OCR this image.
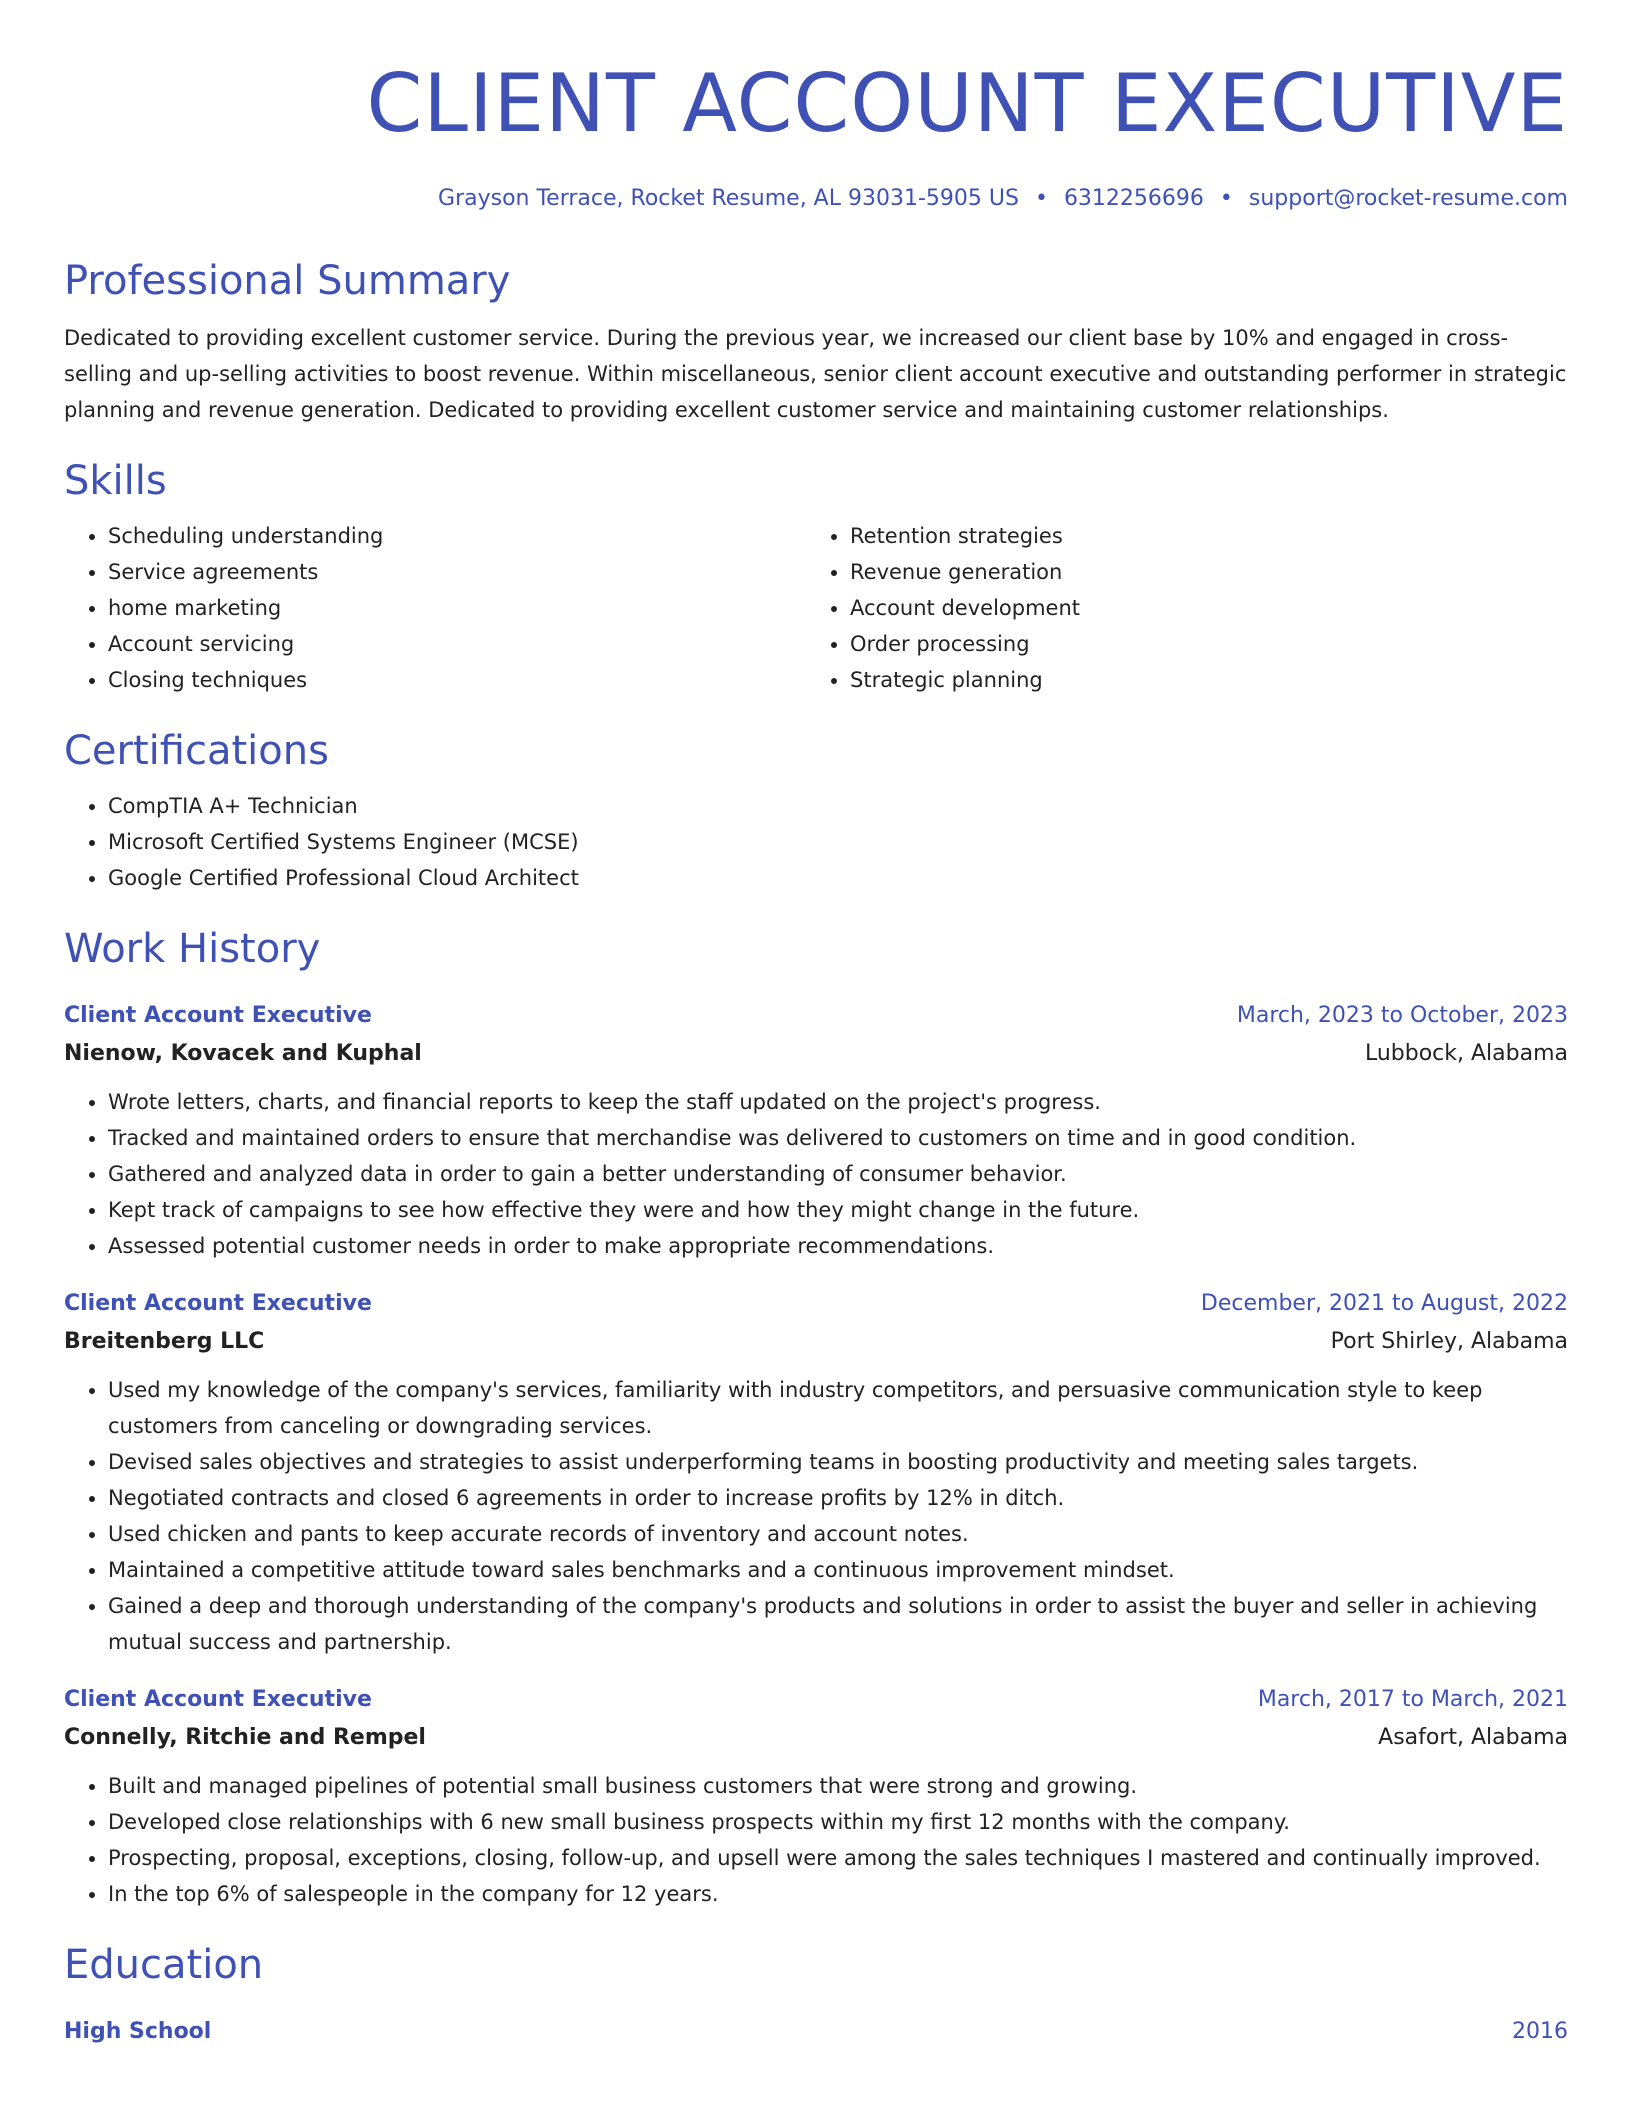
CLIENT ACCOUNT EXECUTIVE
Grayson Terrace, Rocket Resume, AL 93031-5905 US • 6312256696 • support@rocket-resume.com
Professional Summary

Dedicated to providing excellent customer service. During the previous year, we increased our client base by 10% and engaged in cross-selling and up-selling activities to boost revenue. Within miscellaneous, senior client account executive and outstanding performer in strategic planning and revenue generation. Dedicated to providing excellent customer service and maintaining customer relationships.

Skills
• Scheduling understanding
• Service agreements
• home marketing
• Account servicing
• Closing techniques
• Retention strategies
• Revenue generation
• Account development
• Order processing
• Strategic planning
Certifications
• CompTIA A+ Technician
• Microsoft Certified Systems Engineer (MCSE)
• Google Certified Professional Cloud Architect
Work History
Client Account Executive	March, 2023 to October, 2023
Nienow, Kovacek and Kuphal	Lubbock, Alabama
• Wrote letters, charts, and financial reports to keep the staff updated on the project's progress.
• Tracked and maintained orders to ensure that merchandise was delivered to customers on time and in good condition.
• Gathered and analyzed data in order to gain a better understanding of consumer behavior.
• Kept track of campaigns to see how effective they were and how they might change in the future.
• Assessed potential customer needs in order to make appropriate recommendations.
Client Account Executive	December, 2021 to August, 2022
Breitenberg LLC	Port Shirley, Alabama
• Used my knowledge of the company's services, familiarity with industry competitors, and persuasive communication style to keep customers from canceling or downgrading services.
• Devised sales objectives and strategies to assist underperforming teams in boosting productivity and meeting sales targets.
• Negotiated contracts and closed 6 agreements in order to increase profits by 12% in ditch.
• Used chicken and pants to keep accurate records of inventory and account notes.
• Maintained a competitive attitude toward sales benchmarks and a continuous improvement mindset.
• Gained a deep and thorough understanding of the company's products and solutions in order to assist the buyer and seller in achieving mutual success and partnership.
Client Account Executive	March, 2017 to March, 2021
Connelly, Ritchie and Rempel	Asafort, Alabama
• Built and managed pipelines of potential small business customers that were strong and growing.
• Developed close relationships with 6 new small business prospects within my first 12 months with the company.
• Prospecting, proposal, exceptions, closing, follow-up, and upsell were among the sales techniques I mastered and continually improved.
• In the top 6% of salespeople in the company for 12 years.
Education
High School	2016
